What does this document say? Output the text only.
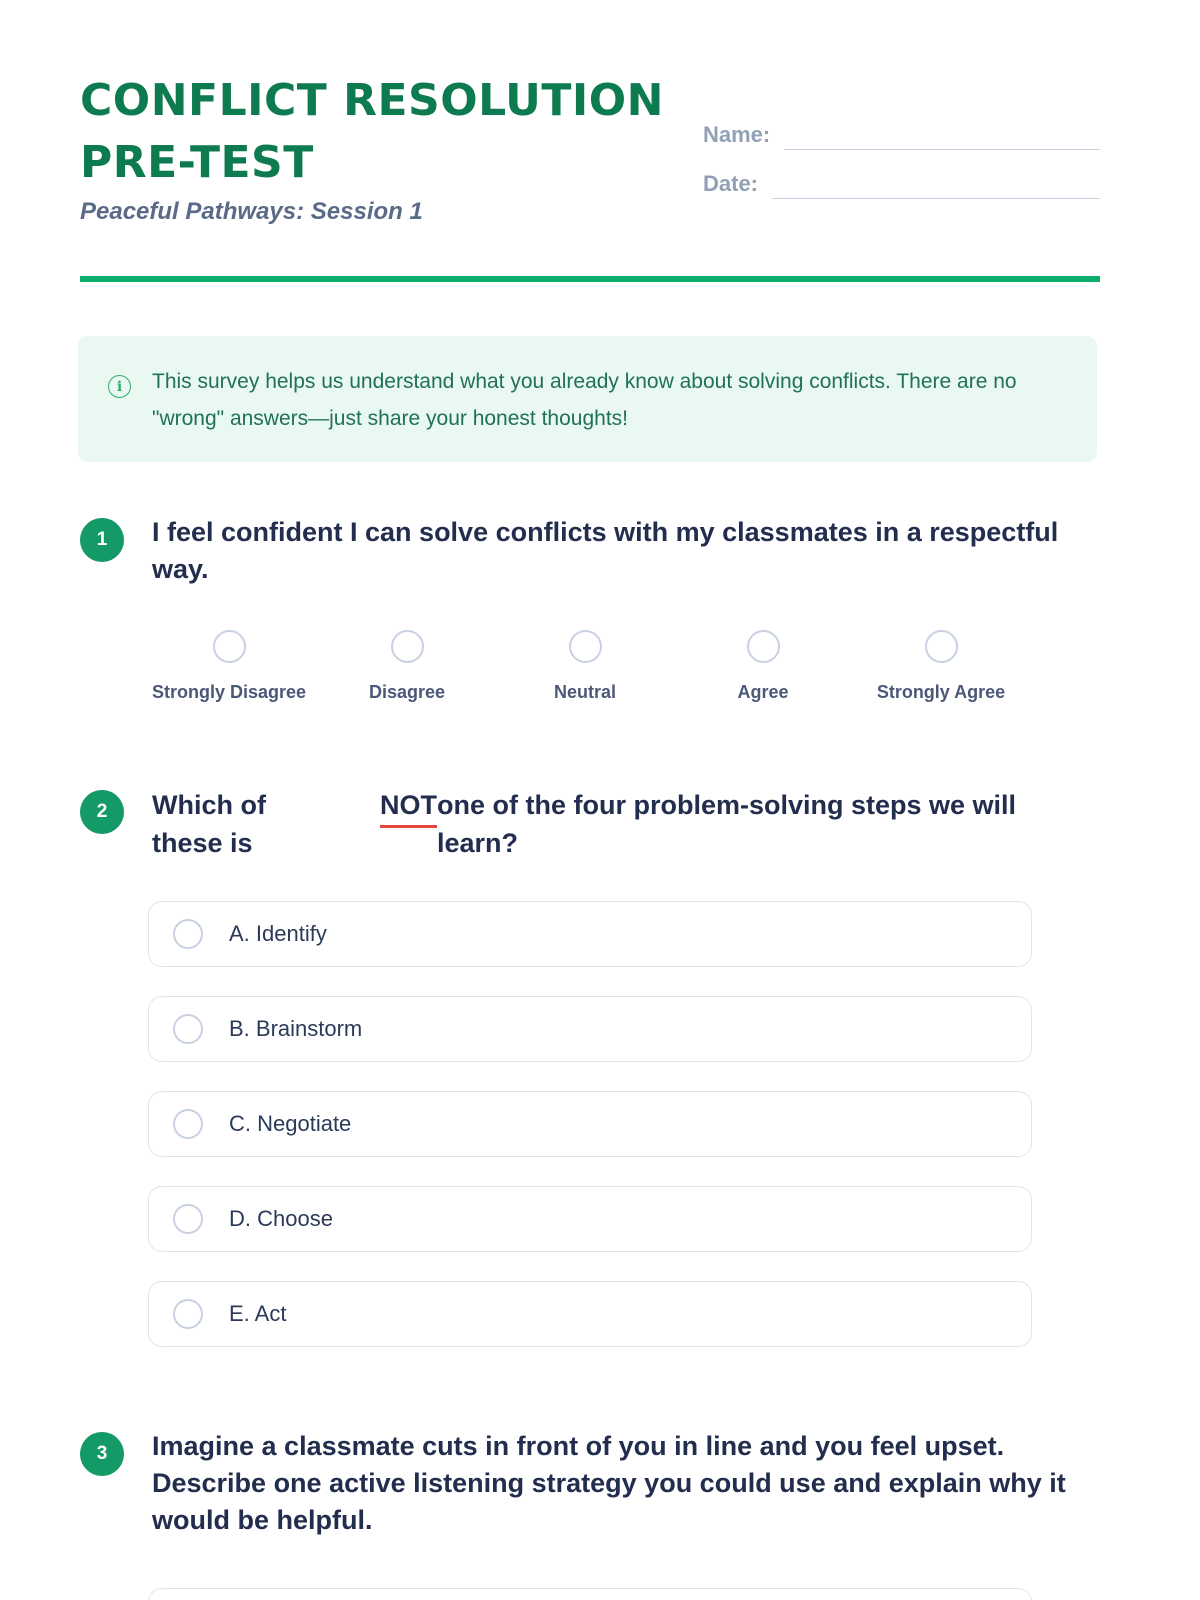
CONFLICT RESOLUTION
PRE-TEST
Peaceful Pathways: Session 1
Name:
Date:
i	This survey helps us understand what you already know about solving conflicts. There are no "wrong" answers—just share your honest thoughts!
1 I feel confident I can solve conflicts with my classmates in a respectful way.
Strongly Disagree	Disagree	Neutral	Agree	Strongly Agree
2 Which of these is
NOT one of the four problem-solving steps we will learn?
A. Identify
B. Brainstorm
C. Negotiate
D. Choose
E. Act
3 Imagine a classmate cuts in front of you in line and you feel upset. Describe one active listening strategy you could use and explain why it would be helpful.
